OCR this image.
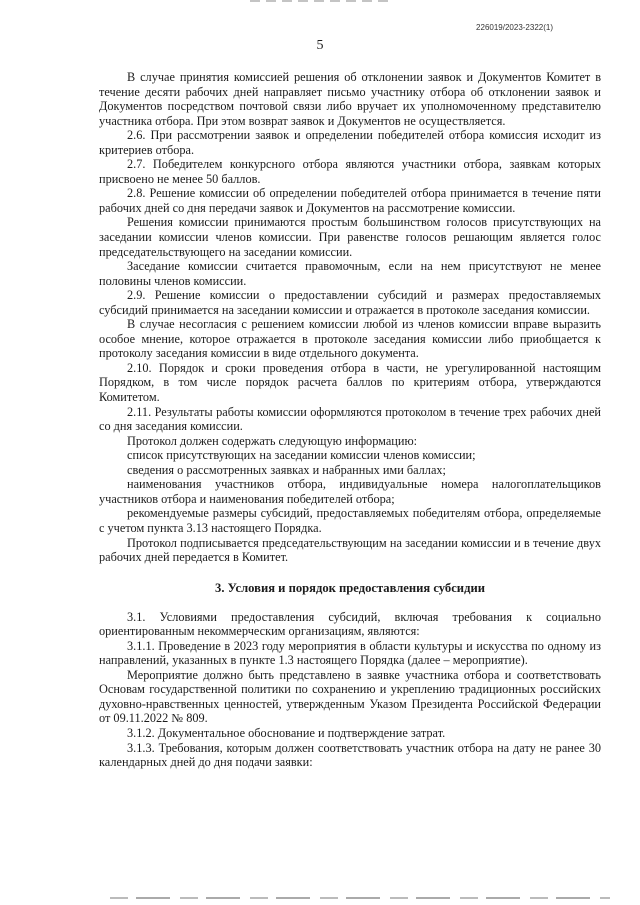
226019/2023-2322(1)
5

В случае принятия комиссией решения об отклонении заявок и Документов Комитет в течение десяти рабочих дней направляет письмо участнику отбора об отклонении заявок и Документов посредством почтовой связи либо вручает их уполномоченному представителю участника отбора. При этом возврат заявок и Документов не осуществляется.

2.6. При рассмотрении заявок и определении победителей отбора комиссия исходит из критериев отбора.

2.7. Победителем конкурсного отбора являются участники отбора, заявкам которых присвоено не менее 50 баллов.

2.8. Решение комиссии об определении победителей отбора принимается в течение пяти рабочих дней со дня передачи заявок и Документов на рассмотрение комиссии.

Решения комиссии принимаются простым большинством голосов присутствующих на заседании комиссии членов комиссии. При равенстве голосов решающим является голос председательствующего на заседании комиссии.

Заседание комиссии считается правомочным, если на нем присутствуют не менее половины членов комиссии.

2.9. Решение комиссии о предоставлении субсидий и размерах предоставляемых субсидий принимается на заседании комиссии и отражается в протоколе заседания комиссии.

В случае несогласия с решением комиссии любой из членов комиссии вправе выразить особое мнение, которое отражается в протоколе заседания комиссии либо приобщается к протоколу заседания комиссии в виде отдельного документа.

2.10. Порядок и сроки проведения отбора в части, не урегулированной настоящим Порядком, в том числе порядок расчета баллов по критериям отбора, утверждаются Комитетом.

2.11. Результаты работы комиссии оформляются протоколом в течение трех рабочих дней со дня заседания комиссии.

Протокол должен содержать следующую информацию:

список присутствующих на заседании комиссии членов комиссии;

сведения о рассмотренных заявках и набранных ими баллах;

наименования участников отбора, индивидуальные номера налогоплательщиков участников отбора и наименования победителей отбора;

рекомендуемые размеры субсидий, предоставляемых победителям отбора, определяемые с учетом пункта 3.13 настоящего Порядка.

Протокол подписывается председательствующим на заседании комиссии и в течение двух рабочих дней передается в Комитет.

3. Условия и порядок предоставления субсидии

3.1. Условиями предоставления субсидий, включая требования к социально ориентированным некоммерческим организациям, являются:

3.1.1. Проведение в 2023 году мероприятия в области культуры и искусства по одному из направлений, указанных в пункте 1.3 настоящего Порядка (далее – мероприятие).

Мероприятие должно быть представлено в заявке участника отбора и соответствовать Основам государственной политики по сохранению и укреплению традиционных российских духовно-нравственных ценностей, утвержденным Указом Президента Российской Федерации от 09.11.2022 № 809.

3.1.2. Документальное обоснование и подтверждение затрат.

3.1.3. Требования, которым должен соответствовать участник отбора на дату не ранее 30 календарных дней до дня подачи заявки:
